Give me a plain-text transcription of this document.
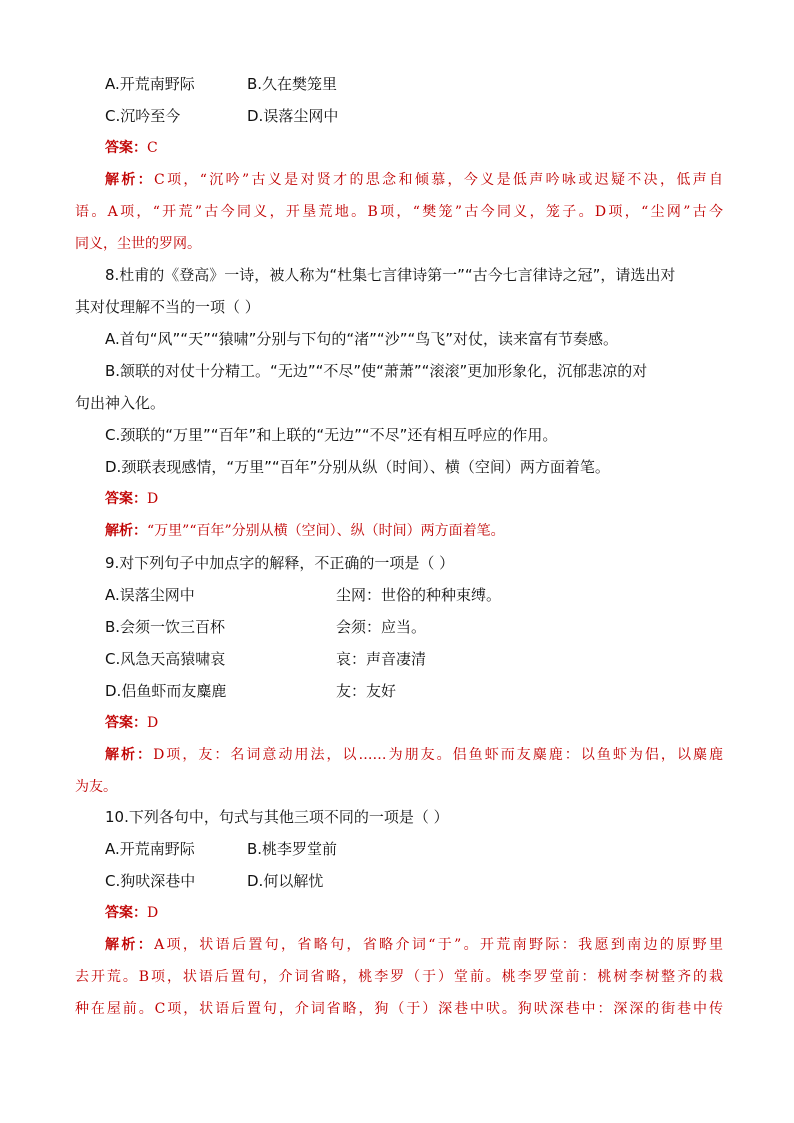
A.开荒南野际	B.久在樊笼里
C.沉吟至今	D.误落尘网中
答案：C
解析：C项，“沉吟”古义是对贤才的思念和倾慕，今义是低声吟咏或迟疑不决，低声自
语。A项，“开荒”古今同义，开垦荒地。B项，“樊笼”古今同义，笼子。D项，“尘网”古今
同义，尘世的罗网。
8.杜甫的《登高》一诗，被人称为“杜集七言律诗第一”“古今七言律诗之冠”，请选出对
其对仗理解不当的一项（ ）
A.首句“风”“天”“猿啸”分别与下句的“渚”“沙”“鸟飞”对仗，读来富有节奏感。
B.颔联的对仗十分精工。“无边”“不尽”使“萧萧”“滚滚”更加形象化，沉郁悲凉的对
句出神入化。
C.颈联的“万里”“百年”和上联的“无边”“不尽”还有相互呼应的作用。
D.颈联表现感情，“万里”“百年”分别从纵（时间）、横（空间）两方面着笔。
答案：D
解析：“万里”“百年”分别从横（空间）、纵（时间）两方面着笔。
9.对下列句子中加点字的解释，不正确的一项是（ ）
A.误落尘网中	尘网：世俗的种种束缚。
B.会须一饮三百杯	会须：应当。
C.风急天高猿啸哀	哀：声音凄清
D.侣鱼虾而友麋鹿	友：友好
答案：D
解析：D项，友：名词意动用法，以……为朋友。侣鱼虾而友麋鹿：以鱼虾为侣，以麋鹿
为友。
10.下列各句中，句式与其他三项不同的一项是（ ）
A.开荒南野际	B.桃李罗堂前
C.狗吠深巷中	D.何以解忧
答案：D
解析：A项，状语后置句，省略句，省略介词“于”。开荒南野际：我愿到南边的原野里
去开荒。B项，状语后置句，介词省略，桃李罗（于）堂前。桃李罗堂前：桃树李树整齐的栽
种在屋前。C项，状语后置句，介词省略，狗（于）深巷中吠。狗吠深巷中：深深的街巷中传
